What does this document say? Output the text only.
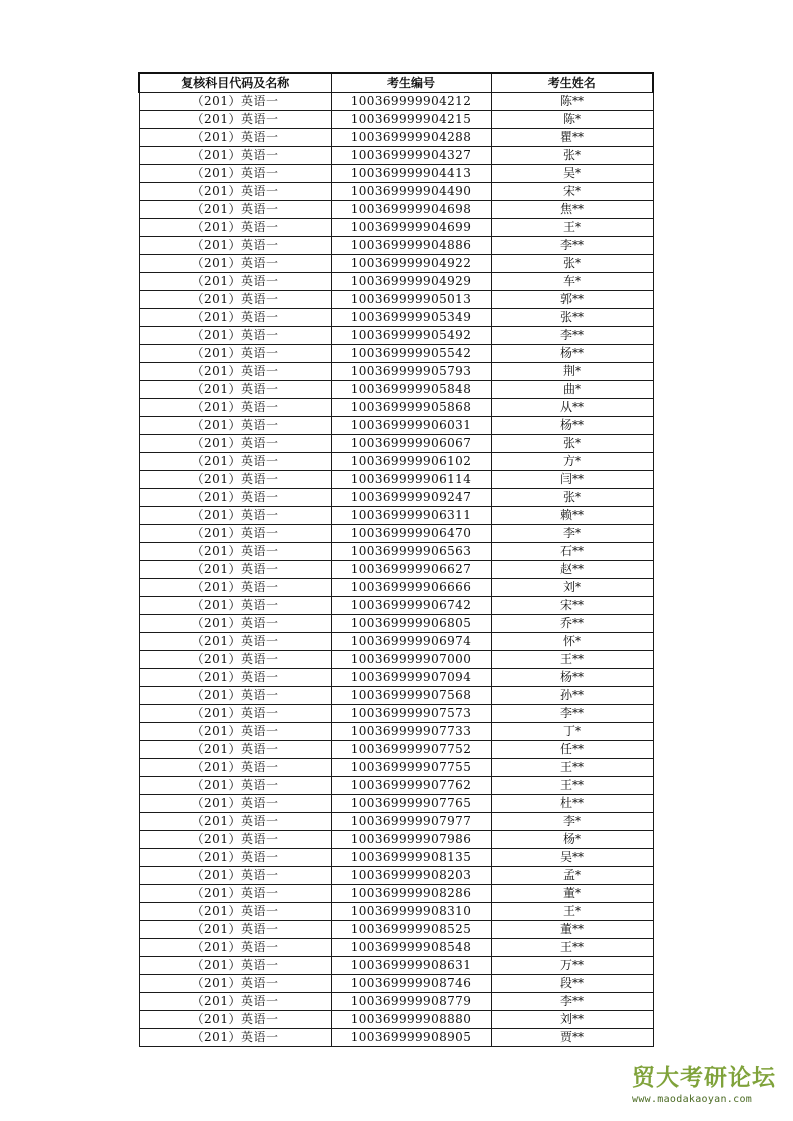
复核科目代码及名称	考生编号	考生姓名
（201）英语一	100369999904212	陈**
（201）英语一	100369999904215	陈*
（201）英语一	100369999904288	瞿**
（201）英语一	100369999904327	张*
（201）英语一	100369999904413	吴*
（201）英语一	100369999904490	宋*
（201）英语一	100369999904698	焦**
（201）英语一	100369999904699	王*
（201）英语一	100369999904886	李**
（201）英语一	100369999904922	张*
（201）英语一	100369999904929	车*
（201）英语一	100369999905013	郭**
（201）英语一	100369999905349	张**
（201）英语一	100369999905492	李**
（201）英语一	100369999905542	杨**
（201）英语一	100369999905793	荆*
（201）英语一	100369999905848	曲*
（201）英语一	100369999905868	从**
（201）英语一	100369999906031	杨**
（201）英语一	100369999906067	张*
（201）英语一	100369999906102	方*
（201）英语一	100369999906114	闫**
（201）英语一	100369999909247	张*
（201）英语一	100369999906311	赖**
（201）英语一	100369999906470	李*
（201）英语一	100369999906563	石**
（201）英语一	100369999906627	赵**
（201）英语一	100369999906666	刘*
（201）英语一	100369999906742	宋**
（201）英语一	100369999906805	乔**
（201）英语一	100369999906974	怀*
（201）英语一	100369999907000	王**
（201）英语一	100369999907094	杨**
（201）英语一	100369999907568	孙**
（201）英语一	100369999907573	李**
（201）英语一	100369999907733	丁*
（201）英语一	100369999907752	任**
（201）英语一	100369999907755	王**
（201）英语一	100369999907762	王**
（201）英语一	100369999907765	杜**
（201）英语一	100369999907977	李*
（201）英语一	100369999907986	杨*
（201）英语一	100369999908135	吴**
（201）英语一	100369999908203	孟*
（201）英语一	100369999908286	董*
（201）英语一	100369999908310	王*
（201）英语一	100369999908525	董**
（201）英语一	100369999908548	王**
（201）英语一	100369999908631	万**
（201）英语一	100369999908746	段**
（201）英语一	100369999908779	李**
（201）英语一	100369999908880	刘**
（201）英语一	100369999908905	贾**
贸大考研论坛
www.maodakaoyan.com
